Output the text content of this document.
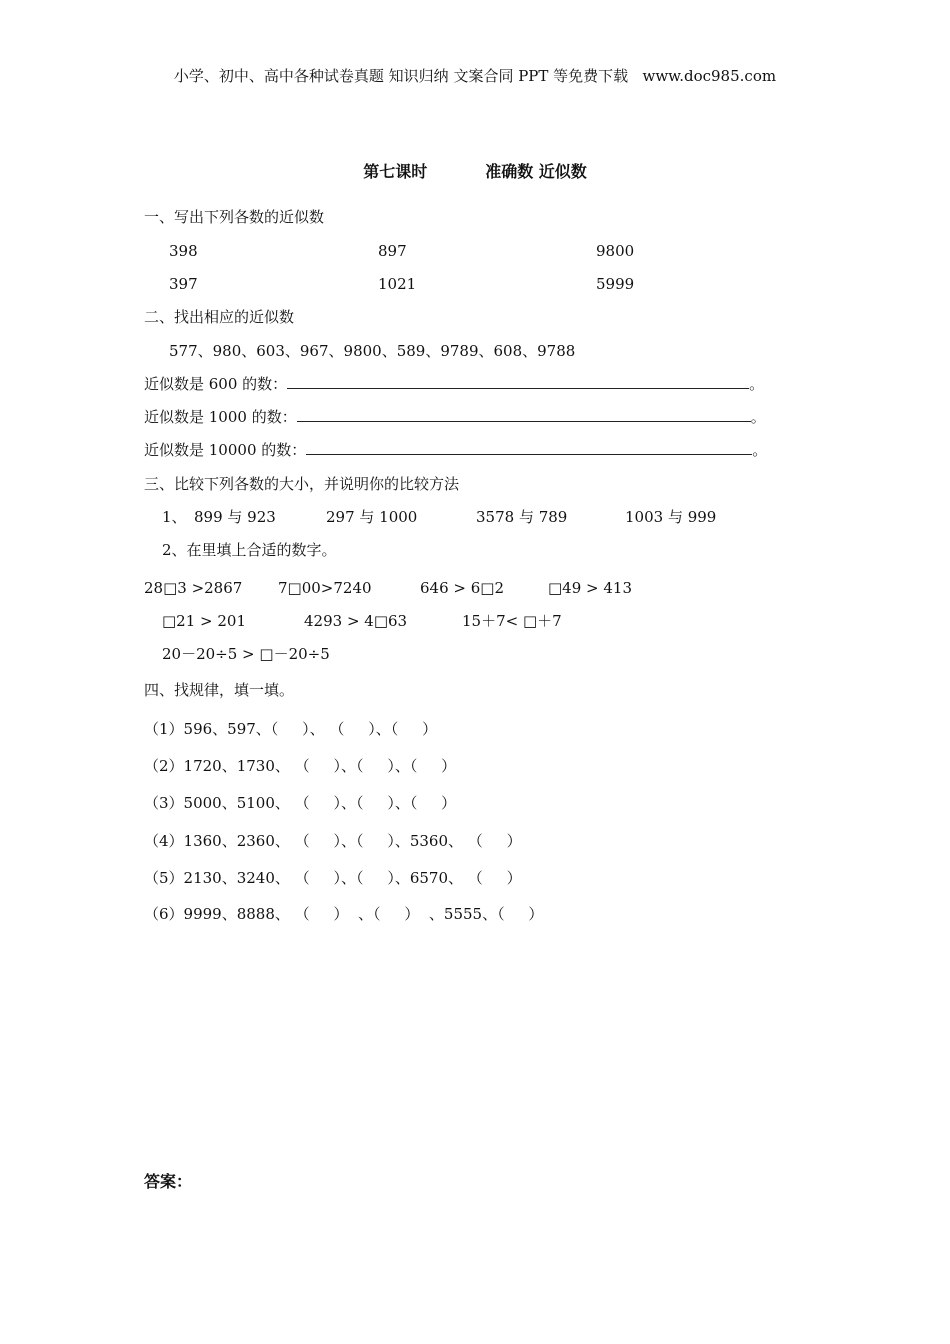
小学、初中、高中各种试卷真题 知识归纳 文案合同 PPT 等免费下载   www.doc985.com
第七课时	准确数 近似数
一、写出下列各数的近似数
398	897	9800
397	1021	5999
二、找出相应的近似数
577、980、603、967、9800、589、9789、608、9788
近似数是 600 的数：	。
近似数是 1000 的数：	。
近似数是 10000 的数：	。
三、比较下列各数的大小，并说明你的比较方法
1、 899 与 923	297 与 1000	3578 与 789	1003 与 999
2、在里填上合适的数字。
28□3 >2867 7□00>7240	646 > 6□2	□49 > 413
□21 > 201	4293 > 4□63	15＋7< □＋7
20－20÷5 > □－20÷5
四、找规律，填一填。
（1）596、597、（     ）、 （     ）、（     ）
（2）1720、1730、 （     ）、（     ）、（     ）
（3）5000、5100、 （     ）、（     ）、（     ）
（4）1360、2360、 （     ）、（     ）、5360、 （     ）
（5）2130、3240、 （     ）、（     ）、6570、 （     ）
（6）9999、8888、 （     ）  、（     ）  、5555、（     ）
答案：
